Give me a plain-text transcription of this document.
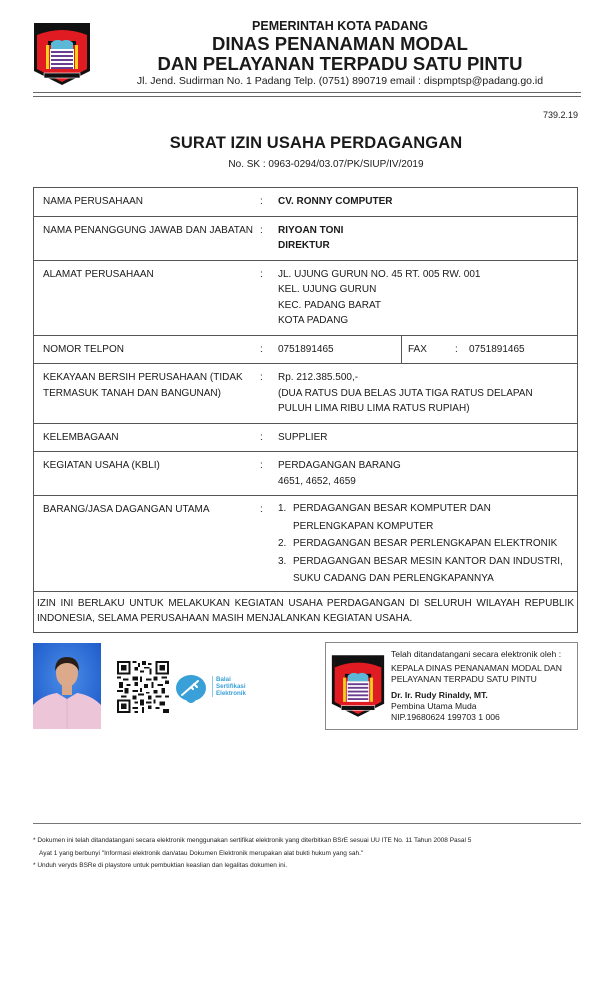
PEMERINTAH KOTA PADANG
DINAS PENANAMAN MODAL
DAN PELAYANAN TERPADU SATU PINTU
Jl. Jend. Sudirman No. 1 Padang Telp. (0751) 890719 email : dispmptsp@padang.go.id
739.2.19
SURAT IZIN USAHA PERDAGANGAN
No. SK : 0963-0294/03.07/PK/SIUP/IV/2019
NAMA PERUSAHAAN	:	CV. RONNY COMPUTER
NAMA PENANGGUNG JAWAB DAN JABATAN :	RIYOAN TONI
DIREKTUR
ALAMAT PERUSAHAAN	:	JL. UJUNG GURUN NO. 45 RT. 005 RW. 001
KEL. UJUNG GURUN
KEC. PADANG BARAT
KOTA PADANG
NOMOR TELPON	:	0751891465	FAX	:	0751891465
KEKAYAAN BERSIH PERUSAHAAN (TIDAK TERMASUK TANAH DAN BANGUNAN)
:	Rp. 212.385.500,-
(DUA RATUS DUA BELAS JUTA TIGA RATUS DELAPAN PULUH LIMA RIBU LIMA RATUS RUPIAH)
KELEMBAGAAN	:	SUPPLIER
KEGIATAN USAHA (KBLI)	:	PERDAGANGAN BARANG
4651, 4652, 4659
BARANG/JASA DAGANGAN UTAMA	:	1. PERDAGANGAN BESAR KOMPUTER DAN PERLENGKAPAN KOMPUTER
2. PERDAGANGAN BESAR PERLENGKAPAN ELEKTRONIK
3. PERDAGANGAN BESAR MESIN KANTOR DAN INDUSTRI, SUKU CADANG DAN PERLENGKAPANNYA
IZIN INI BERLAKU UNTUK MELAKUKAN KEGIATAN USAHA PERDAGANGAN DI SELURUH WILAYAH REPUBLIK INDONESIA, SELAMA PERUSAHAAN MASIH MENJALANKAN KEGIATAN USAHA.
Balai
Sertifikasi
Elektronik
Telah ditandatangani secara elektronik oleh :
KEPALA DINAS PENANAMAN MODAL DAN
PELAYANAN TERPADU SATU PINTU
Dr. Ir. Rudy Rinaldy, MT.
Pembina Utama Muda
NIP.19680624 199703 1 006
* Dokumen ini telah ditandatangani secara elektronik menggunakan sertifikat elektronik yang diterbitkan BSrE sesuai UU ITE No. 11 Tahun 2008 Pasal 5
Ayat 1 yang berbunyi "Informasi elektronik dan/atau Dokumen Elektronik merupakan alat bukti hukum yang sah."
* Unduh veryds BSRe di playstore untuk pembuktian keaslian dan legalitas dokumen ini.
